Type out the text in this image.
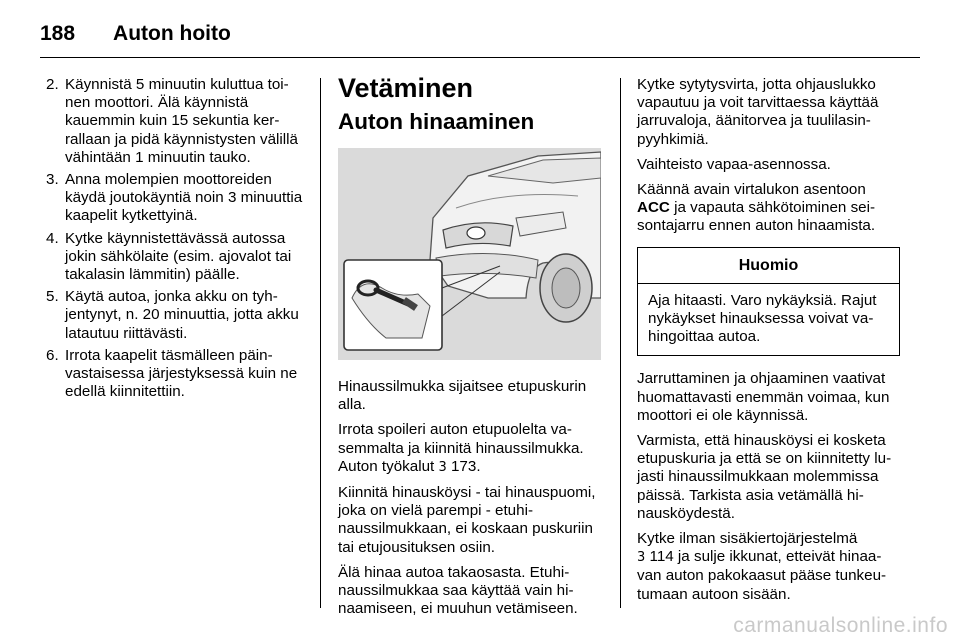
188 Auton hoito
2. Käynnistä 5 minuutin kuluttua toinen moottori. Älä käynnistä kauemmin kuin 15 sekuntia kerrallaan ja pidä käynnistysten välillä vähintään 1 minuutin tauko.
3. Anna molempien moottoreiden käydä joutokäyntiä noin 3 minuuttia kaapelit kytkettyinä.
4. Kytke käynnistettävässä autossa jokin sähkölaite (esim. ajovalot tai takalasin lämmitin) päälle.
5. Käytä autoa, jonka akku on tyhjentynyt, n. 20 minuuttia, jotta akku latautuu riittävästi.
6. Irrota kaapelit täsmälleen päinvastaisessa järjestyksessä kuin ne edellä kiinnitettiin.
Vetäminen
Auton hinaaminen

Hinaussilmukka sijaitsee etupuskurin alla.

Irrota spoileri auton etupuolelta vasemmalta ja kiinnitä hinaussilmukka. Auton työkalut 3 173.

Kiinnitä hinausköysi - tai hinauspuomi, joka on vielä parempi - etuhinaussilmukkaan, ei koskaan puskuriin tai etujousituksen osiin.

Älä hinaa autoa takaosasta. Etuhinaussilmukkaa saa käyttää vain hinaamiseen, ei muuhun vetämiseen.

Kytke sytytysvirta, jotta ohjauslukko vapautuu ja voit tarvittaessa käyttää jarruvaloja, äänitorvea ja tuulilasinpyyhkimiä.

Vaihteisto vapaa-asennossa.

Käännä avain virtalukon asentoon ACC ja vapauta sähkötoiminen seisontajarru ennen auton hinaamista.

Huomio
Aja hitaasti. Varo nykäyksiä. Rajut nykäykset hinauksessa voivat vahingoittaa autoa.

Jarruttaminen ja ohjaaminen vaativat huomattavasti enemmän voimaa, kun moottori ei ole käynnissä.

Varmista, että hinausköysi ei kosketa etupuskuria ja että se on kiinnitetty lujasti hinaussilmukkaan molemmissa päissä. Tarkista asia vetämällä hinausköydestä.

Kytke ilman sisäkiertojärjestelmä
3 114 ja sulje ikkunat, etteivät hinaavan auton pakokaasut pääse tunkeutumaan autoon sisään.

carmanualsonline.info
